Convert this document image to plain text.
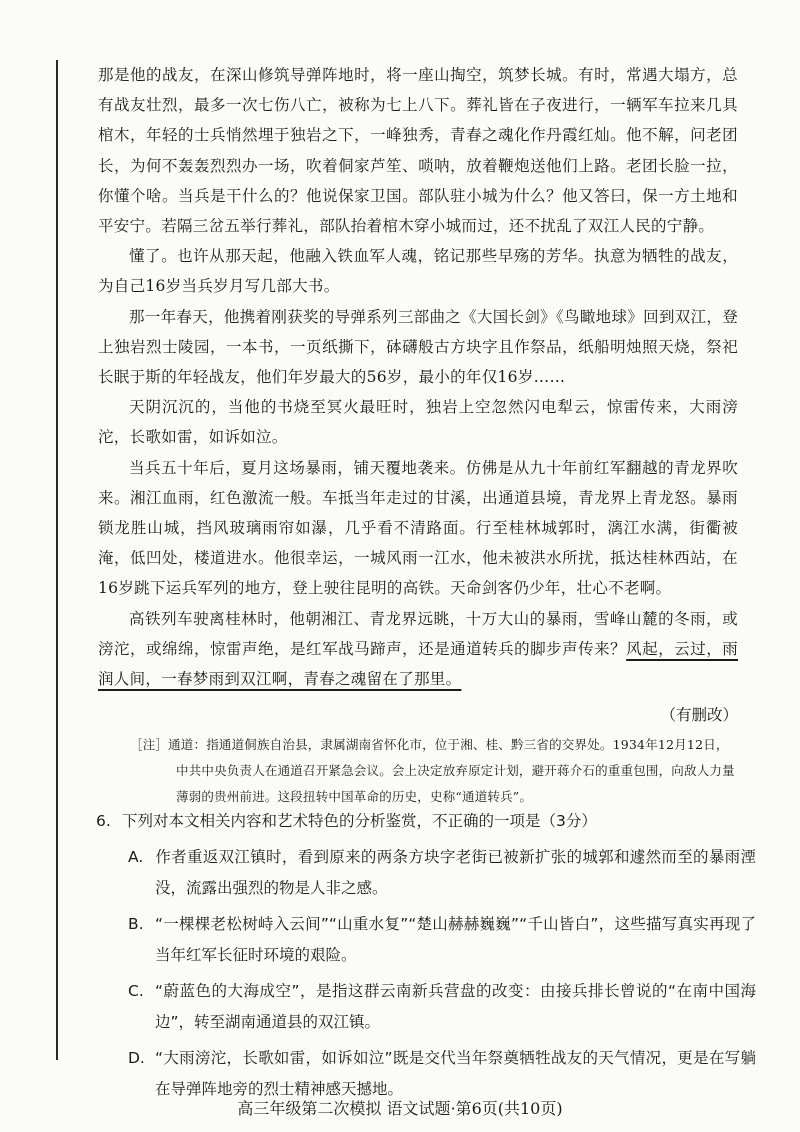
那是他的战友，在深山修筑导弹阵地时，将一座山掏空，筑梦长城。有时，常遇大塌方，总有战友壮烈，最多一次七伤八亡，被称为七上八下。葬礼皆在子夜进行，一辆军车拉来几具棺木，年轻的士兵悄然埋于独岩之下，一峰独秀，青春之魂化作丹霞红灿。他不解，问老团长，为何不轰轰烈烈办一场，吹着侗家芦笙、唢呐，放着鞭炮送他们上路。老团长脸一拉，你懂个啥。当兵是干什么的？他说保家卫国。部队驻小城为什么？他又答曰，保一方土地和平安宁。若隔三岔五举行葬礼，部队抬着棺木穿小城而过，还不扰乱了双江人民的宁静。

懂了。也许从那天起，他融入铁血军人魂，铭记那些早殇的芳华。执意为牺牲的战友，为自己16岁当兵岁月写几部大书。

那一年春天，他携着刚获奖的导弹系列三部曲之《大国长剑》《鸟瞰地球》回到双江，登上独岩烈士陵园，一本书，一页纸撕下，砵礴般古方块字且作祭品，纸船明烛照天烧，祭祀长眠于斯的年轻战友，他们年岁最大的56岁，最小的年仅16岁……

天阴沉沉的，当他的书烧至冥火最旺时，独岩上空忽然闪电犁云，惊雷传来，大雨滂沱，长歌如雷，如诉如泣。

当兵五十年后，夏月这场暴雨，铺天覆地袭来。仿佛是从九十年前红军翻越的青龙界吹来。湘江血雨，红色激流一般。车抵当年走过的甘溪，出通道县境，青龙界上青龙怒。暴雨锁龙胜山城，挡风玻璃雨帘如瀑，几乎看不清路面。行至桂林城郭时，漓江水满，街衢被淹，低凹处，楼道进水。他很幸运，一城风雨一江水，他未被洪水所扰，抵达桂林西站，在16岁跳下运兵军列的地方，登上驶往昆明的高铁。天命剑客仍少年，壮心不老啊。

高铁列车驶离桂林时，他朝湘江、青龙界远眺，十万大山的暴雨，雪峰山麓的冬雨，或滂沱，或绵绵，惊雷声绝，是红军战马蹄声，还是通道转兵的脚步声传来？风起，云过，雨润人间，一春梦雨到双江啊，青春之魂留在了那里。

（有删改）

［注］通道：指通道侗族自治县，隶属湖南省怀化市，位于湘、桂、黔三省的交界处。1934年12月12日，中共中央负责人在通道召开紧急会议。会上决定放弃原定计划，避开蒋介石的重重包围，向敌人力量薄弱的贵州前进。这段扭转中国革命的历史，史称“通道转兵”。

6. 下列对本文相关内容和艺术特色的分析鉴赏，不正确的一项是（3分）

A. 作者重返双江镇时，看到原来的两条方块字老街已被新扩张的城郭和遽然而至的暴雨湮没，流露出强烈的物是人非之感。

B. “一棵棵老松树峙入云间”“山重水复”“楚山赫赫巍巍”“千山皆白”，这些描写真实再现了当年红军长征时环境的艰险。

C. “蔚蓝色的大海成空”，是指这群云南新兵营盘的改变：由接兵排长曾说的“在南中国海边”，转至湖南通道县的双江镇。

D. “大雨滂沱，长歌如雷，如诉如泣”既是交代当年祭奠牺牲战友的天气情况，更是在写躺在导弹阵地旁的烈士精神感天撼地。

高三年级第二次模拟 语文试题·第6页(共10页)
